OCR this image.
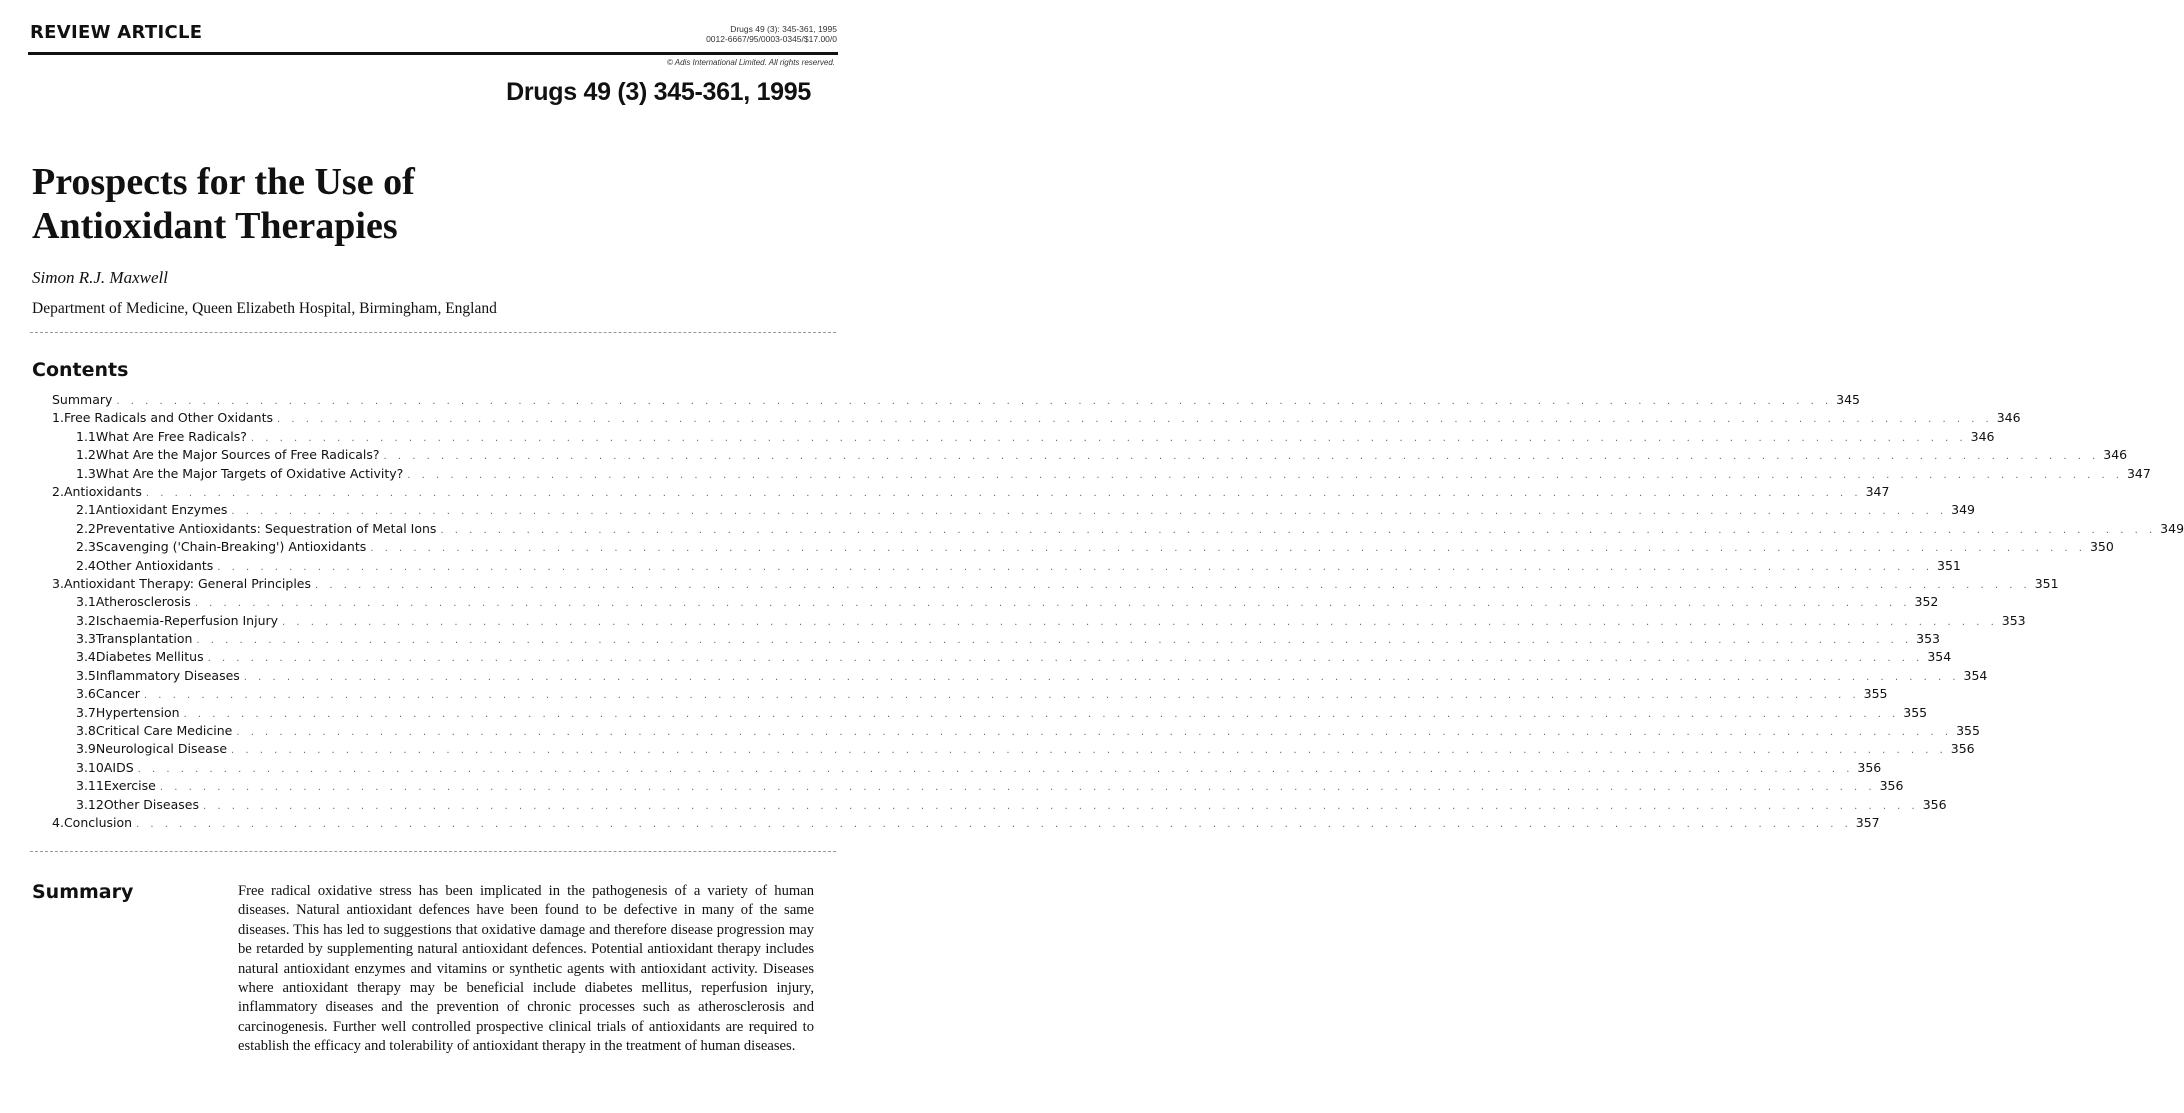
REVIEW ARTICLE	Drugs 49 (3): 345-361, 1995
0012-6667/95/0003-0345/$17.00/0
© Adis International Limited. All rights reserved.
Drugs 49 (3) 345-361, 1995
Prospects for the Use of Antioxidant Therapies
Simon R.J. Maxwell
Department of Medicine, Queen Elizabeth Hospital, Birmingham, England
Contents
Summary . . . . . . . . . . . . . . . . . . . . . . . . . . . . . . . . . . . . . . . . . . . . . . . . . . . . . . . . . . . . . . . . . . . . . . . . . . . . . . . . . . . . . . . . . . . . . . . . . . . . . . . . . . . . . . . . . . . . . . . . 345
1. Free Radicals and Other Oxidants . . . . . . . . . . . . . . . . . . . . . . . . . . . . . . . . . . . . . . . . . . . . . . . . . . . . . . . . . . . . . . . . . . . . . . . . . . . . . . . . . . . . . . . . . . . . . . . . . . . . . . . . . . . . . . . . . . . . . . . . 346
1.1 What Are Free Radicals? . . . . . . . . . . . . . . . . . . . . . . . . . . . . . . . . . . . . . . . . . . . . . . . . . . . . . . . . . . . . . . . . . . . . . . . . . . . . . . . . . . . . . . . . . . . . . . . . . . . . . . . . . . . . . . . . . . . . . . . . 346
1.2 What Are the Major Sources of Free Radicals? . . . . . . . . . . . . . . . . . . . . . . . . . . . . . . . . . . . . . . . . . . . . . . . . . . . . . . . . . . . . . . . . . . . . . . . . . . . . . . . . . . . . . . . . . . . . . . . . . . . . . . . . . . . . . . . . . . . . . . . . 346
1.3 What Are the Major Targets of Oxidative Activity? . . . . . . . . . . . . . . . . . . . . . . . . . . . . . . . . . . . . . . . . . . . . . . . . . . . . . . . . . . . . . . . . . . . . . . . . . . . . . . . . . . . . . . . . . . . . . . . . . . . . . . . . . . . . . . . . . . . . . . . . 347
2. Antioxidants . . . . . . . . . . . . . . . . . . . . . . . . . . . . . . . . . . . . . . . . . . . . . . . . . . . . . . . . . . . . . . . . . . . . . . . . . . . . . . . . . . . . . . . . . . . . . . . . . . . . . . . . . . . . . . . . . . . . . . . . 347
2.1 Antioxidant Enzymes . . . . . . . . . . . . . . . . . . . . . . . . . . . . . . . . . . . . . . . . . . . . . . . . . . . . . . . . . . . . . . . . . . . . . . . . . . . . . . . . . . . . . . . . . . . . . . . . . . . . . . . . . . . . . . . . . . . . . . . . 349
2.2 Preventative Antioxidants: Sequestration of Metal Ions . . . . . . . . . . . . . . . . . . . . . . . . . . . . . . . . . . . . . . . . . . . . . . . . . . . . . . . . . . . . . . . . . . . . . . . . . . . . . . . . . . . . . . . . . . . . . . . . . . . . . . . . . . . . . . . . . . . . . . . . 349
2.3 Scavenging ('Chain-Breaking') Antioxidants . . . . . . . . . . . . . . . . . . . . . . . . . . . . . . . . . . . . . . . . . . . . . . . . . . . . . . . . . . . . . . . . . . . . . . . . . . . . . . . . . . . . . . . . . . . . . . . . . . . . . . . . . . . . . . . . . . . . . . . . 350
2.4 Other Antioxidants . . . . . . . . . . . . . . . . . . . . . . . . . . . . . . . . . . . . . . . . . . . . . . . . . . . . . . . . . . . . . . . . . . . . . . . . . . . . . . . . . . . . . . . . . . . . . . . . . . . . . . . . . . . . . . . . . . . . . . . . 351
3. Antioxidant Therapy: General Principles . . . . . . . . . . . . . . . . . . . . . . . . . . . . . . . . . . . . . . . . . . . . . . . . . . . . . . . . . . . . . . . . . . . . . . . . . . . . . . . . . . . . . . . . . . . . . . . . . . . . . . . . . . . . . . . . . . . . . . . . 351
3.1 Atherosclerosis . . . . . . . . . . . . . . . . . . . . . . . . . . . . . . . . . . . . . . . . . . . . . . . . . . . . . . . . . . . . . . . . . . . . . . . . . . . . . . . . . . . . . . . . . . . . . . . . . . . . . . . . . . . . . . . . . . . . . . . . 352
3.2 Ischaemia-Reperfusion Injury . . . . . . . . . . . . . . . . . . . . . . . . . . . . . . . . . . . . . . . . . . . . . . . . . . . . . . . . . . . . . . . . . . . . . . . . . . . . . . . . . . . . . . . . . . . . . . . . . . . . . . . . . . . . . . . . . . . . . . . . 353
3.3 Transplantation . . . . . . . . . . . . . . . . . . . . . . . . . . . . . . . . . . . . . . . . . . . . . . . . . . . . . . . . . . . . . . . . . . . . . . . . . . . . . . . . . . . . . . . . . . . . . . . . . . . . . . . . . . . . . . . . . . . . . . . . 353
3.4 Diabetes Mellitus . . . . . . . . . . . . . . . . . . . . . . . . . . . . . . . . . . . . . . . . . . . . . . . . . . . . . . . . . . . . . . . . . . . . . . . . . . . . . . . . . . . . . . . . . . . . . . . . . . . . . . . . . . . . . . . . . . . . . . . . 354
3.5 Inflammatory Diseases . . . . . . . . . . . . . . . . . . . . . . . . . . . . . . . . . . . . . . . . . . . . . . . . . . . . . . . . . . . . . . . . . . . . . . . . . . . . . . . . . . . . . . . . . . . . . . . . . . . . . . . . . . . . . . . . . . . . . . . . 354
3.6 Cancer . . . . . . . . . . . . . . . . . . . . . . . . . . . . . . . . . . . . . . . . . . . . . . . . . . . . . . . . . . . . . . . . . . . . . . . . . . . . . . . . . . . . . . . . . . . . . . . . . . . . . . . . . . . . . . . . . . . . . . . . 355
3.7 Hypertension . . . . . . . . . . . . . . . . . . . . . . . . . . . . . . . . . . . . . . . . . . . . . . . . . . . . . . . . . . . . . . . . . . . . . . . . . . . . . . . . . . . . . . . . . . . . . . . . . . . . . . . . . . . . . . . . . . . . . . . . 355
3.8 Critical Care Medicine . . . . . . . . . . . . . . . . . . . . . . . . . . . . . . . . . . . . . . . . . . . . . . . . . . . . . . . . . . . . . . . . . . . . . . . . . . . . . . . . . . . . . . . . . . . . . . . . . . . . . . . . . . . . . . . . . . . . . . . . 355
3.9 Neurological Disease . . . . . . . . . . . . . . . . . . . . . . . . . . . . . . . . . . . . . . . . . . . . . . . . . . . . . . . . . . . . . . . . . . . . . . . . . . . . . . . . . . . . . . . . . . . . . . . . . . . . . . . . . . . . . . . . . . . . . . . . 356
3.10 AIDS . . . . . . . . . . . . . . . . . . . . . . . . . . . . . . . . . . . . . . . . . . . . . . . . . . . . . . . . . . . . . . . . . . . . . . . . . . . . . . . . . . . . . . . . . . . . . . . . . . . . . . . . . . . . . . . . . . . . . . . . 356
3.11 Exercise . . . . . . . . . . . . . . . . . . . . . . . . . . . . . . . . . . . . . . . . . . . . . . . . . . . . . . . . . . . . . . . . . . . . . . . . . . . . . . . . . . . . . . . . . . . . . . . . . . . . . . . . . . . . . . . . . . . . . . . . 356
3.12 Other Diseases . . . . . . . . . . . . . . . . . . . . . . . . . . . . . . . . . . . . . . . . . . . . . . . . . . . . . . . . . . . . . . . . . . . . . . . . . . . . . . . . . . . . . . . . . . . . . . . . . . . . . . . . . . . . . . . . . . . . . . . . 356
4. Conclusion . . . . . . . . . . . . . . . . . . . . . . . . . . . . . . . . . . . . . . . . . . . . . . . . . . . . . . . . . . . . . . . . . . . . . . . . . . . . . . . . . . . . . . . . . . . . . . . . . . . . . . . . . . . . . . . . . . . . . . . . 357
Summary	Free radical oxidative stress has been implicated in the pathogenesis of a variety of human diseases. Natural antioxidant defences have been found to be defective in many of the same diseases. This has led to suggestions that oxidative damage and therefore disease progression may be retarded by supplementing natural antioxidant defences. Potential antioxidant therapy includes natural antioxidant enzymes and vitamins or synthetic agents with antioxidant activity. Diseases where antioxidant therapy may be beneficial include diabetes mellitus, reperfusion injury, inflammatory diseases and the prevention of chronic processes such as atherosclerosis and carcinogenesis. Further well controlled prospective clinical trials of antioxidants are required to establish the efficacy and tolerability of antioxidant therapy in the treatment of human diseases.
